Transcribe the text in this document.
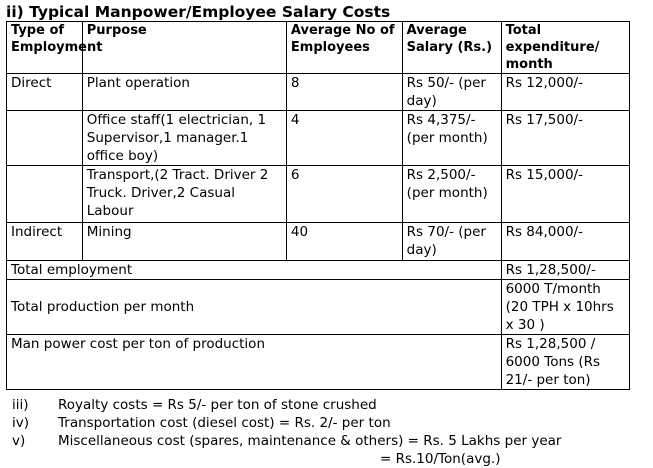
ii) Typical Manpower/Employee Salary Costs
Type of Employment	Purpose	Average No of Employees	Average Salary (Rs.)	Total expenditure/ month
Direct	Plant operation	8	Rs 50/- (per day)	Rs 12,000/-
	Office staff(1 electrician, 1 Supervisor,1 manager.1 office boy)	4	Rs 4,375/- (per month)	Rs 17,500/-
	Transport,(2 Tract. Driver 2 Truck. Driver,2 Casual Labour	6	Rs 2,500/- (per month)	Rs 15,000/-
Indirect	Mining	40	Rs 70/- (per day)	Rs 84,000/-
Total employment				Rs 1,28,500/-
Total production per month				6000 T/month (20 TPH x 10hrs x 30 )
Man power cost per ton of production				Rs 1,28,500 / 6000 Tons (Rs 21/- per ton)
iii)	Royalty costs = Rs 5/- per ton of stone crushed
iv)	Transportation cost (diesel cost) = Rs. 2/- per ton
v)	Miscellaneous cost (spares, maintenance & others) = Rs. 5 Lakhs per year
= Rs.10/Ton(avg.)
